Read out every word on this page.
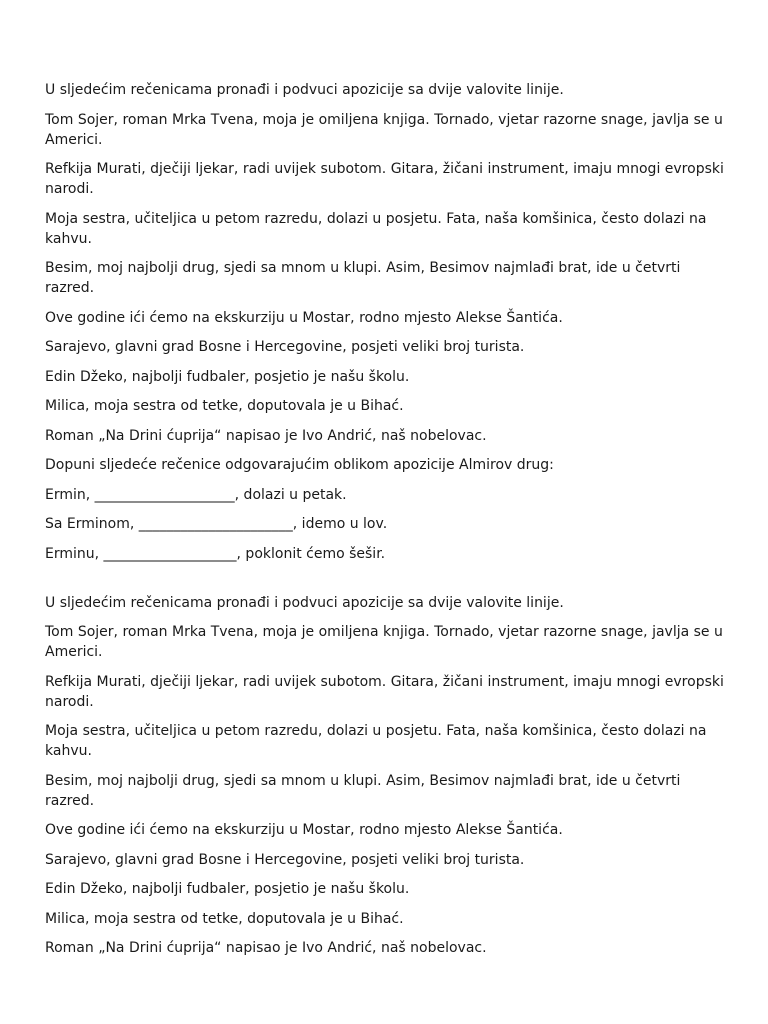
U sljedećim rečenicama pronađi i podvuci apozicije sa dvije valovite linije.

Tom Sojer, roman Mrka Tvena, moja je omiljena knjiga. Tornado, vjetar razorne snage, javlja se u Americi.

Refkija Murati, dječiji ljekar, radi uvijek subotom. Gitara, žičani instrument, imaju mnogi evropski narodi.

Moja sestra, učiteljica u petom razredu, dolazi u posjetu. Fata, naša komšinica, često dolazi na kahvu.

Besim, moj najbolji drug, sjedi sa mnom u klupi. Asim, Besimov najmlađi brat, ide u četvrti razred.

Ove godine ići ćemo na ekskurziju u Mostar, rodno mjesto Alekse Šantića.

Sarajevo, glavni grad Bosne i Hercegovine, posjeti veliki broj turista.

Edin Džeko, najbolji fudbaler, posjetio je našu školu.

Milica, moja sestra od tetke, doputovala je u Bihać.

Roman „Na Drini ćuprija“ napisao je Ivo Andrić, naš nobelovac.

Dopuni sljedeće rečenice odgovarajućim oblikom apozicije Almirov drug:

Ermin, ____________________, dolazi u petak.

Sa Erminom, ______________________, idemo u lov.

Erminu, ___________________, poklonit ćemo šešir.

U sljedećim rečenicama pronađi i podvuci apozicije sa dvije valovite linije.

Tom Sojer, roman Mrka Tvena, moja je omiljena knjiga. Tornado, vjetar razorne snage, javlja se u Americi.

Refkija Murati, dječiji ljekar, radi uvijek subotom. Gitara, žičani instrument, imaju mnogi evropski narodi.

Moja sestra, učiteljica u petom razredu, dolazi u posjetu. Fata, naša komšinica, često dolazi na kahvu.

Besim, moj najbolji drug, sjedi sa mnom u klupi. Asim, Besimov najmlađi brat, ide u četvrti razred.

Ove godine ići ćemo na ekskurziju u Mostar, rodno mjesto Alekse Šantića.

Sarajevo, glavni grad Bosne i Hercegovine, posjeti veliki broj turista.

Edin Džeko, najbolji fudbaler, posjetio je našu školu.

Milica, moja sestra od tetke, doputovala je u Bihać.

Roman „Na Drini ćuprija“ napisao je Ivo Andrić, naš nobelovac.
